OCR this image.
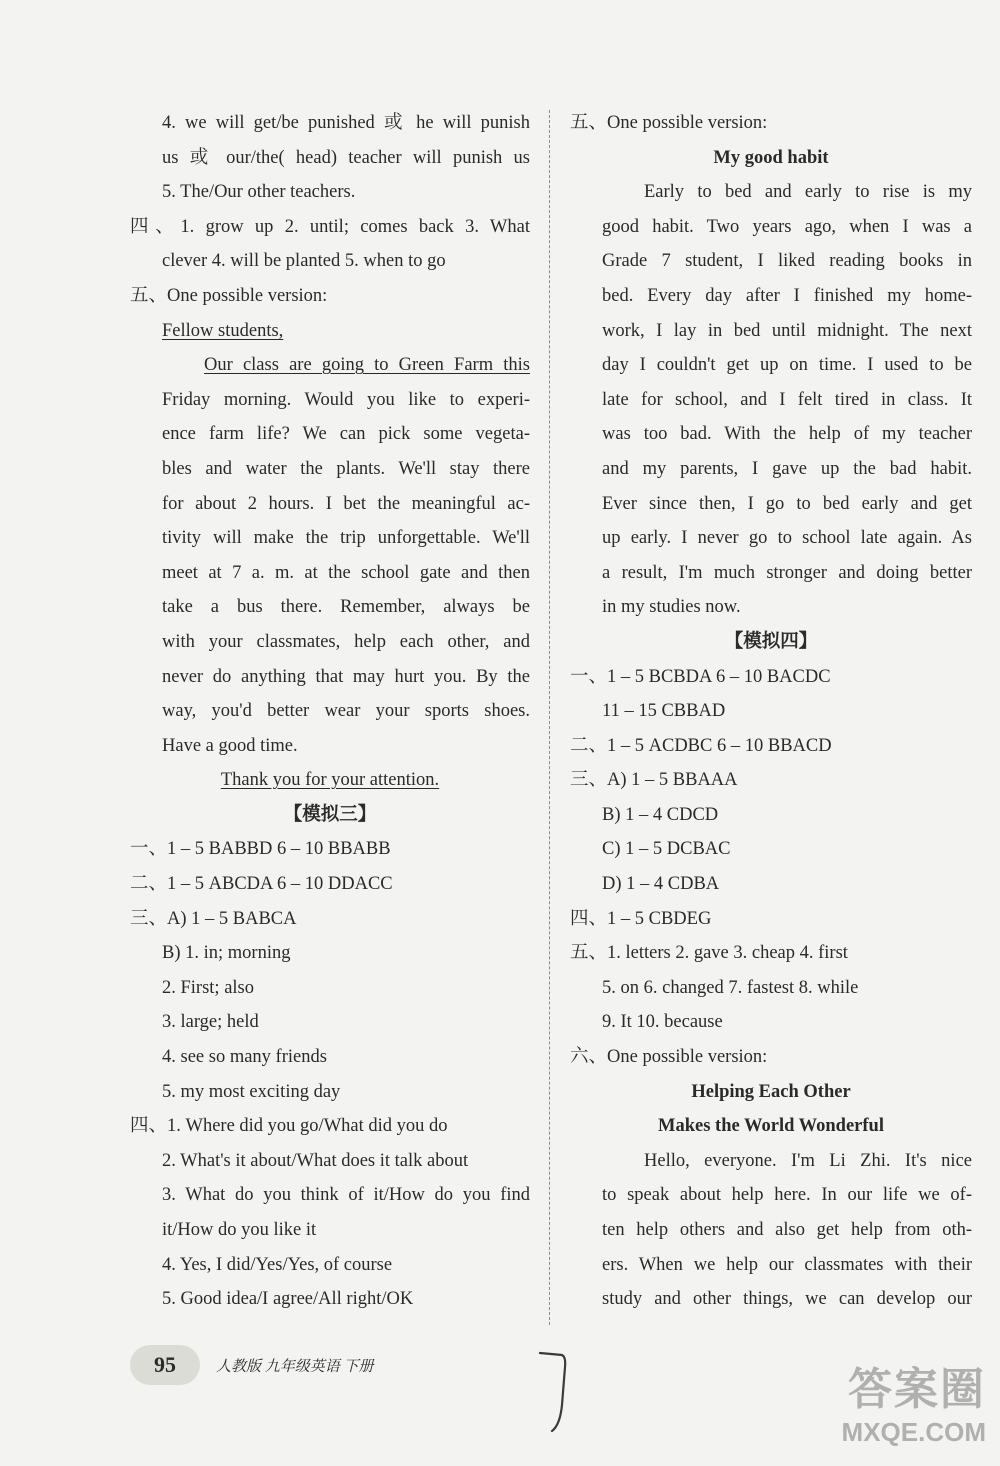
4. we will get/be punished 或 he will punish
us 或 our/the( head) teacher will punish us
5. The/Our other teachers.
四、1. grow up 2. until; comes back 3. What
clever 4. will be planted 5. when to go
五、One possible version:
Fellow students,
Our class are going to Green Farm this
Friday morning. Would you like to experi-
ence farm life? We can pick some vegeta-
bles and water the plants. We'll stay there
for about 2 hours. I bet the meaningful ac-
tivity will make the trip unforgettable. We'll
meet at 7 a. m. at the school gate and then
take a bus there. Remember, always be
with your classmates, help each other, and
never do anything that may hurt you. By the
way, you'd better wear your sports shoes.
Have a good time.
Thank you for your attention.
【模拟三】
一、1 – 5 BABBD 6 – 10 BBABB
二、1 – 5 ABCDA 6 – 10 DDACC
三、A) 1 – 5 BABCA
B) 1. in; morning
2. First; also
3. large; held
4. see so many friends
5. my most exciting day
四、1. Where did you go/What did you do
2. What's it about/What does it talk about
3. What do you think of it/How do you find
it/How do you like it
4. Yes, I did/Yes/Yes, of course
5. Good idea/I agree/All right/OK
五、One possible version:
My good habit
Early to bed and early to rise is my
good habit. Two years ago, when I was a
Grade 7 student, I liked reading books in
bed. Every day after I finished my home-
work, I lay in bed until midnight. The next
day I couldn't get up on time. I used to be
late for school, and I felt tired in class. It
was too bad. With the help of my teacher
and my parents, I gave up the bad habit.
Ever since then, I go to bed early and get
up early. I never go to school late again. As
a result, I'm much stronger and doing better
in my studies now.
【模拟四】
一、1 – 5 BCBDA 6 – 10 BACDC
11 – 15 CBBAD
二、1 – 5 ACDBC 6 – 10 BBACD
三、A) 1 – 5 BBAAA
B) 1 – 4 CDCD
C) 1 – 5 DCBAC
D) 1 – 4 CDBA
四、1 – 5 CBDEG
五、1. letters 2. gave 3. cheap 4. first
5. on 6. changed 7. fastest 8. while
9. It 10. because
六、One possible version:
Helping Each Other
Makes the World Wonderful
Hello, everyone. I'm Li Zhi. It's nice
to speak about help here. In our life we of-
ten help others and also get help from oth-
ers. When we help our classmates with their
study and other things, we can develop our
95	人教版 九年级英语 下册	答案圈
MXQE.COM
